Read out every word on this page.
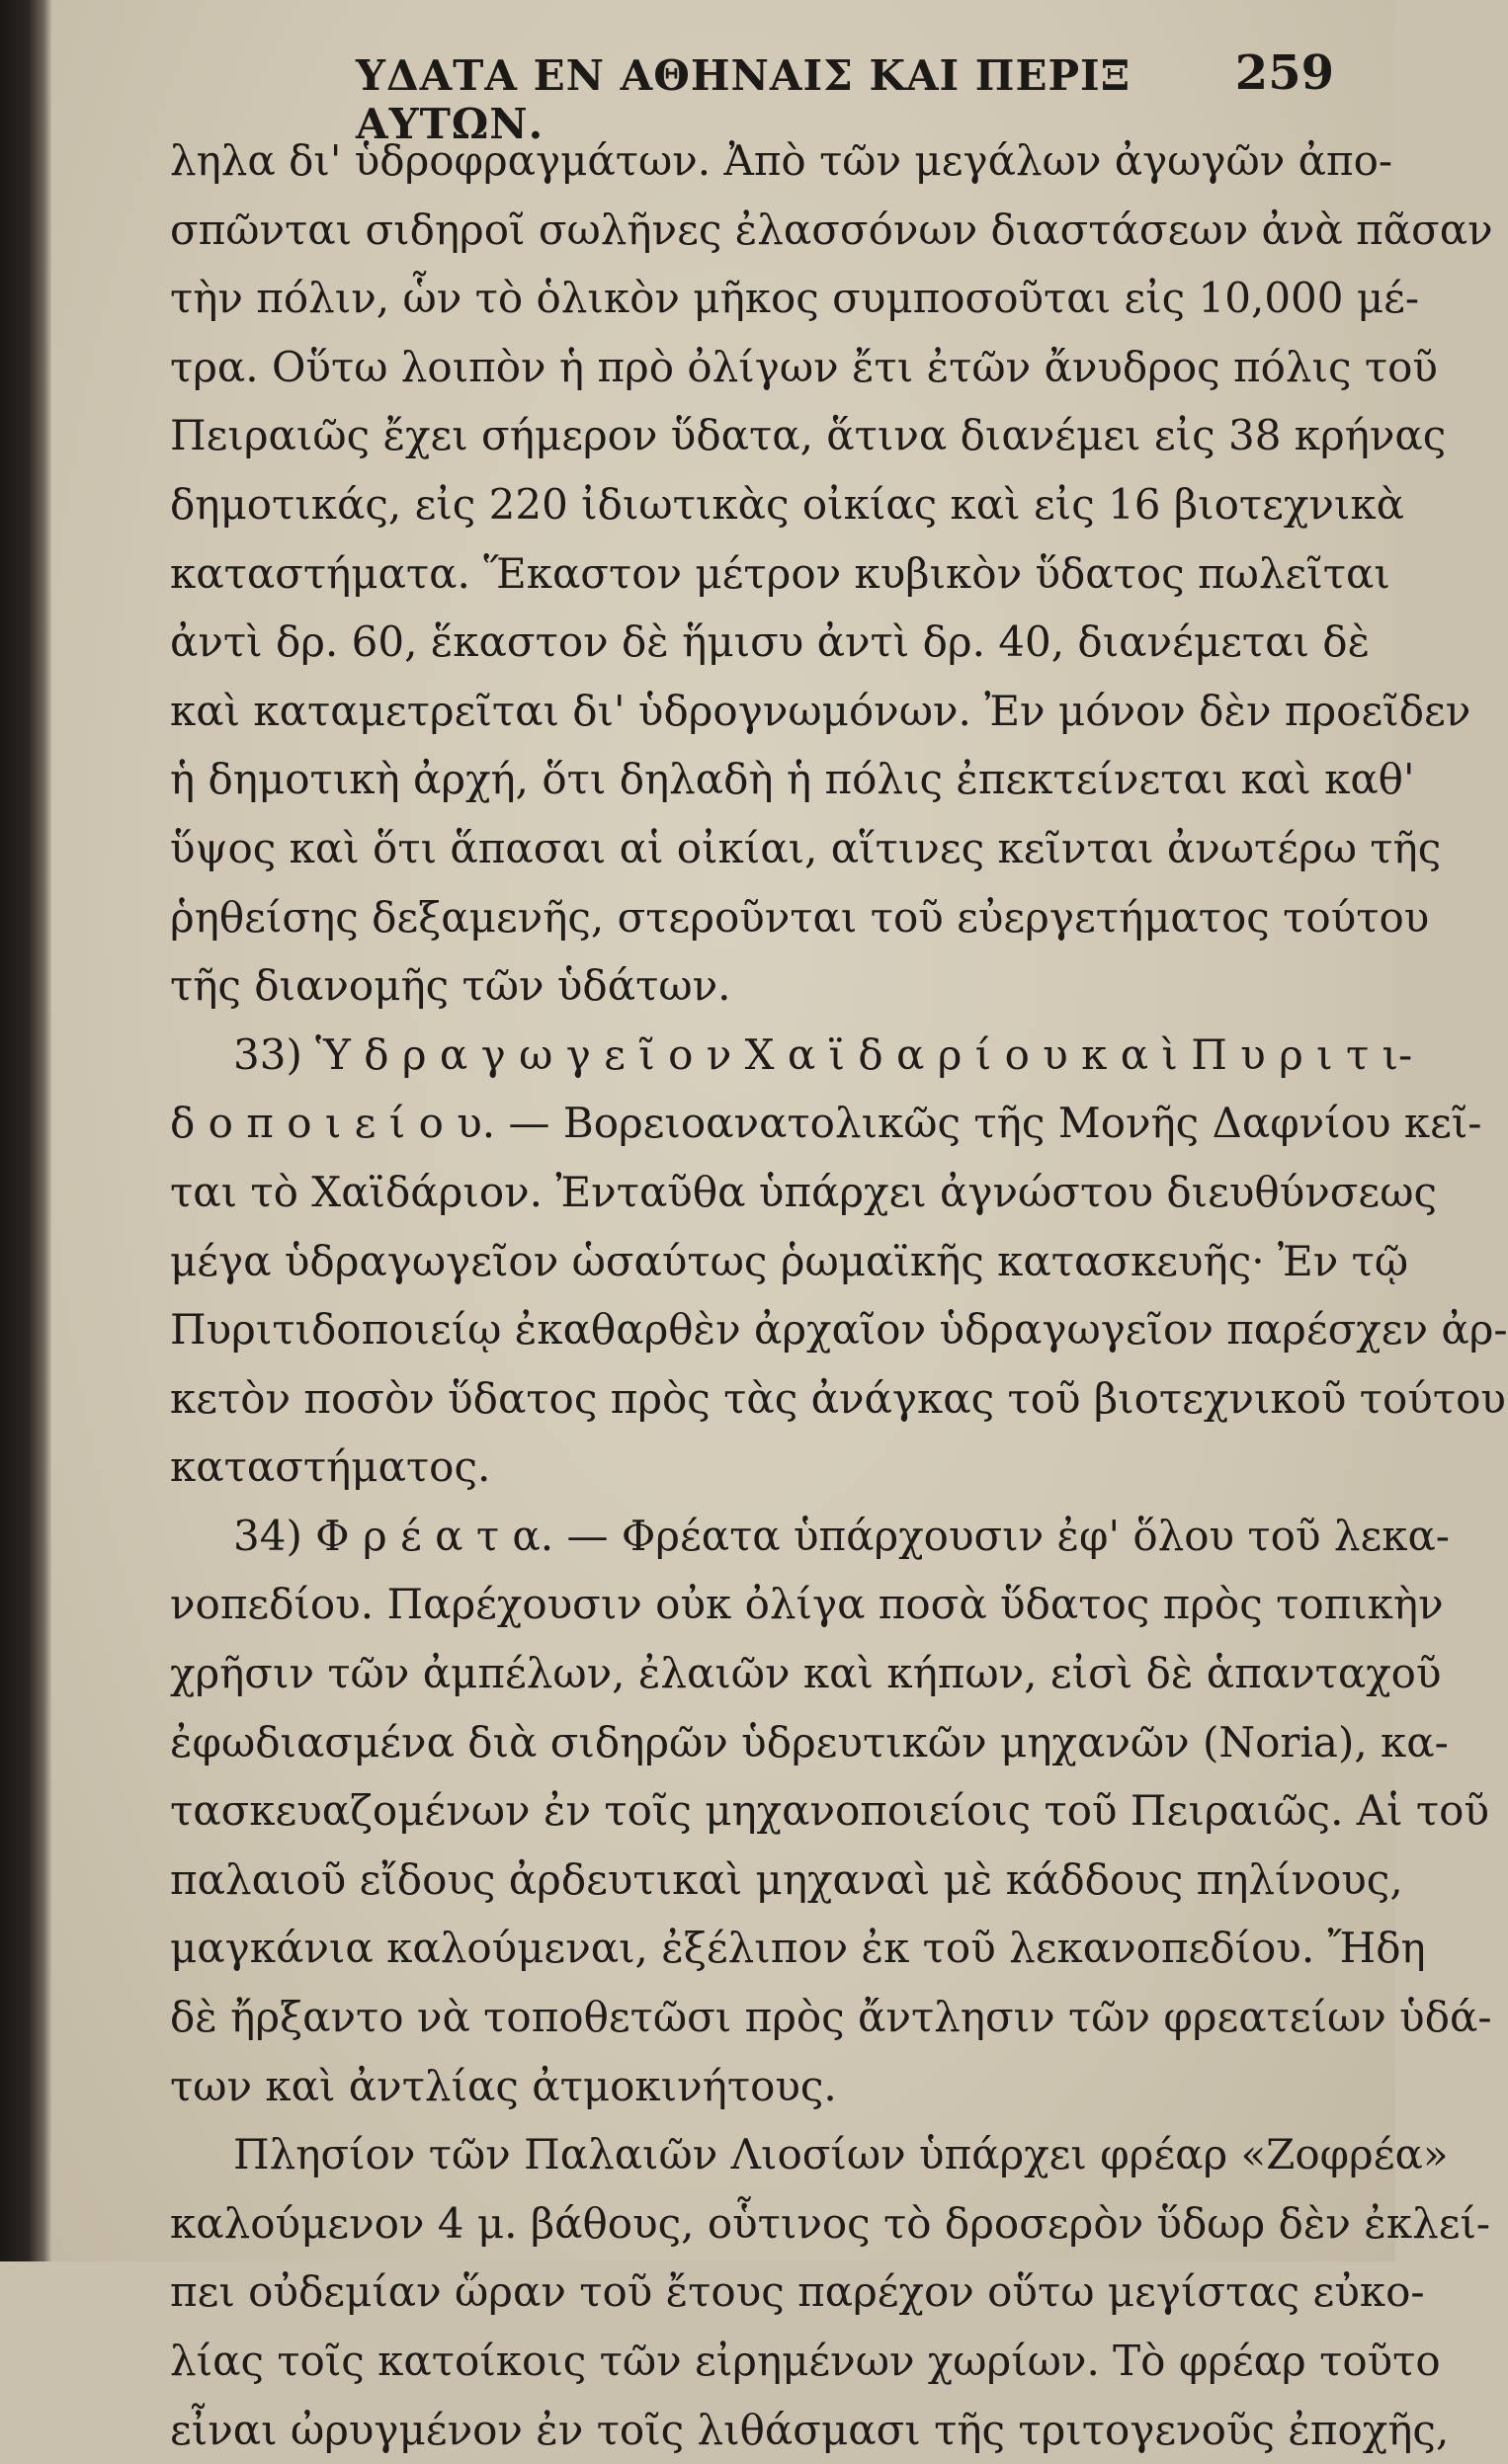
ΥΔΑΤΑ ΕΝ ΑΘΗΝΑΙΣ ΚΑΙ ΠΕΡΙΞ ΑΥΤΩΝ.
259
ληλα δι' ὑδροφραγμάτων. Ἀπὸ τῶν μεγάλων ἀγωγῶν ἀπο-
σπῶνται σιδηροῖ σωλῆνες ἐλασσόνων διαστάσεων ἀνὰ πᾶσαν
τὴν πόλιν, ὧν τὸ ὁλικὸν μῆκος συμποσοῦται εἰς 10,000 μέ-
τρα. Οὕτω λοιπὸν ἡ πρὸ ὀλίγων ἔτι ἐτῶν ἄνυδρος πόλις τοῦ
Πειραιῶς ἔχει σήμερον ὕδατα, ἅτινα διανέμει εἰς 38 κρήνας
δημοτικάς, εἰς 220 ἰδιωτικὰς οἰκίας καὶ εἰς 16 βιοτεχνικὰ
καταστήματα. Ἕκαστον μέτρον κυβικὸν ὕδατος πωλεῖται
ἀντὶ δρ. 60, ἕκαστον δὲ ἥμισυ ἀντὶ δρ. 40, διανέμεται δὲ
καὶ καταμετρεῖται δι' ὑδρογνωμόνων. Ἐν μόνον δὲν προεῖδεν
ἡ δημοτικὴ ἀρχή, ὅτι δηλαδὴ ἡ πόλις ἐπεκτείνεται καὶ καθ'
ὕψος καὶ ὅτι ἅπασαι αἱ οἰκίαι, αἵτινες κεῖνται ἀνωτέρω τῆς
ῥηθείσης δεξαμενῆς, στεροῦνται τοῦ εὐεργετήματος τούτου
τῆς διανομῆς τῶν ὑδάτων.
33) Ὑ δ ρ α γ ω γ ε ῖ ο ν Χ α ϊ δ α ρ ί ο υ κ α ὶ Π υ ρ ι τ ι-
δ ο π ο ι ε ί ο υ. — Βορειοανατολικῶς τῆς Μονῆς Δαφνίου κεῖ-
ται τὸ Χαϊδάριον. Ἐνταῦθα ὑπάρχει ἀγνώστου διευθύνσεως
μέγα ὑδραγωγεῖον ὡσαύτως ῥωμαϊκῆς κατασκευῆς· Ἐν τῷ
Πυριτιδοποιείῳ ἐκαθαρθὲν ἀρχαῖον ὑδραγωγεῖον παρέσχεν ἀρ-
κετὸν ποσὸν ὕδατος πρὸς τὰς ἀνάγκας τοῦ βιοτεχνικοῦ τούτου
καταστήματος.
34) Φ ρ έ α τ α. — Φρέατα ὑπάρχουσιν ἐφ' ὅλου τοῦ λεκα-
νοπεδίου. Παρέχουσιν οὐκ ὀλίγα ποσὰ ὕδατος πρὸς τοπικὴν
χρῆσιν τῶν ἀμπέλων, ἐλαιῶν καὶ κήπων, εἰσὶ δὲ ἁπανταχοῦ
ἐφωδιασμένα διὰ σιδηρῶν ὑδρευτικῶν μηχανῶν (Noria), κα-
τασκευαζομένων ἐν τοῖς μηχανοποιείοις τοῦ Πειραιῶς. Αἱ τοῦ
παλαιοῦ εἴδους ἀρδευτικαὶ μηχαναὶ μὲ κάδδους πηλίνους,
μαγκάνια καλούμεναι, ἐξέλιπον ἐκ τοῦ λεκανοπεδίου. Ἤδη
δὲ ἤρξαντο νὰ τοποθετῶσι πρὸς ἄντλησιν τῶν φρεατείων ὑδά-
των καὶ ἀντλίας ἀτμοκινήτους.
Πλησίον τῶν Παλαιῶν Λιοσίων ὑπάρχει φρέαρ «Ζοφρέα»
καλούμενον 4 μ. βάθους, οὗτινος τὸ δροσερὸν ὕδωρ δὲν ἐκλεί-
πει οὐδεμίαν ὥραν τοῦ ἔτους παρέχον οὕτω μεγίστας εὐκο-
λίας τοῖς κατοίκοις τῶν εἰρημένων χωρίων. Τὸ φρέαρ τοῦτο
εἶναι ὠρυγμένον ἐν τοῖς λιθάσμασι τῆς τριτογενοῦς ἐποχῆς,
